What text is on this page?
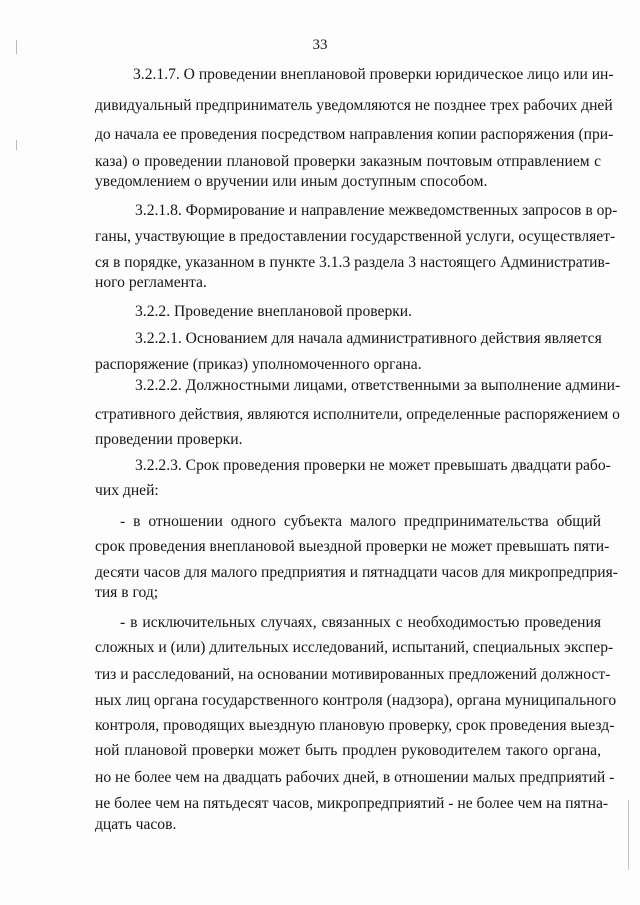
33
3.2.1.7. О проведении внеплановой проверки юридическое лицо или ин-
дивидуальный предприниматель уведомляются не позднее трех рабочих дней
до начала ее проведения посредством направления копии распоряжения (при-
каза) о проведении плановой проверки заказным почтовым отправлением с
уведомлением о вручении или иным доступным способом.
3.2.1.8. Формирование и направление межведомственных запросов в ор-
ганы, участвующие в предоставлении государственной услуги, осуществляет-
ся в порядке, указанном в пункте 3.1.3 раздела 3 настоящего Административ-
ного регламента.
3.2.2. Проведение внеплановой проверки.
3.2.2.1. Основанием для начала административного действия является
распоряжение (приказ) уполномоченного органа.
3.2.2.2. Должностными лицами, ответственными за выполнение админи-
стративного действия, являются исполнители, определенные распоряжением о
проведении проверки.
3.2.2.3. Срок проведения проверки не может превышать двадцати рабо-
чих дней:
- в отношении одного субъекта малого предпринимательства общий
срок проведения внеплановой выездной проверки не может превышать пяти-
десяти часов для малого предприятия и пятнадцати часов для микропредприя-
тия в год;
- в исключительных случаях, связанных с необходимостью проведения
сложных и (или) длительных исследований, испытаний, специальных экспер-
тиз и расследований, на основании мотивированных предложений должност-
ных лиц органа государственного контроля (надзора), органа муниципального
контроля, проводящих выездную плановую проверку, срок проведения выезд-
ной плановой проверки может быть продлен руководителем такого органа,
но не более чем на двадцать рабочих дней, в отношении малых предприятий -
не более чем на пятьдесят часов, микропредприятий - не более чем на пятна-
дцать часов.
